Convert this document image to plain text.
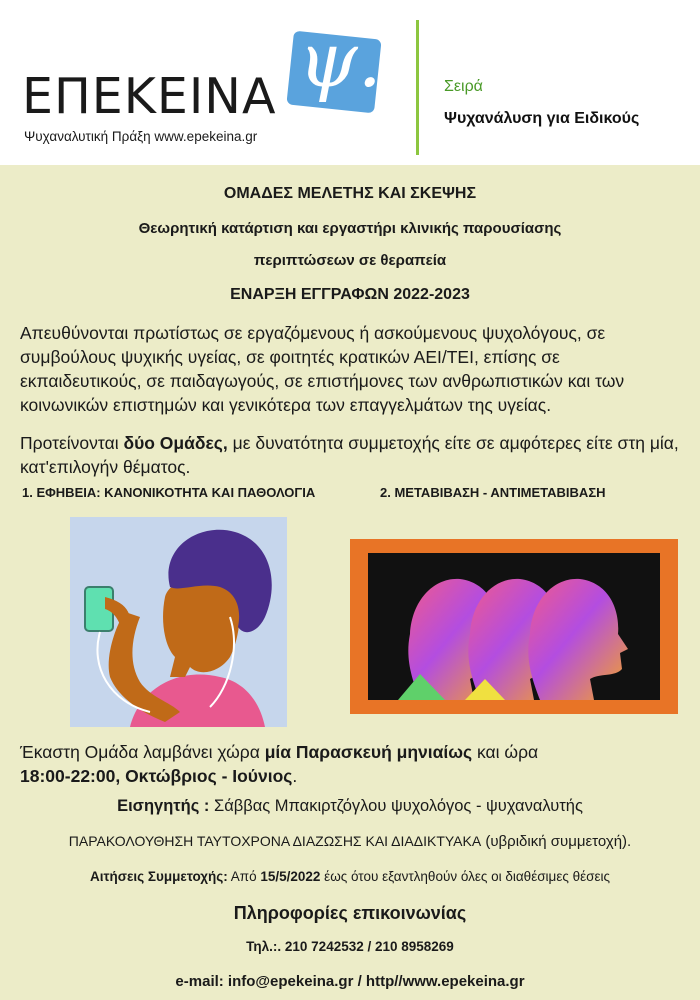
ψ.
ΕΠΕΚΕΙΝΑ
Ψυχαναλυτική Πράξη www.epekeina.gr
Σειρά
Ψυχανάλυση για Ειδικούς
ΟΜΑΔΕΣ ΜΕΛΕΤΗΣ ΚΑΙ ΣΚΕΨΗΣ
Θεωρητική κατάρτιση και εργαστήρι κλινικής παρουσίασης
περιπτώσεων σε θεραπεία
ΕΝΑΡΞΗ ΕΓΓΡΑΦΩΝ 2022-2023
Απευθύνονται πρωτίστως σε εργαζόμενους ή ασκούμενους ψυχολόγους, σε συμβούλους ψυχικής υγείας, σε φοιτητές κρατικών ΑΕΙ/ΤΕΙ, επίσης σε εκπαιδευτικούς, σε παιδαγωγούς, σε επιστήμονες των ανθρωπιστικών και των κοινωνικών επιστημών και γενικότερα των επαγγελμάτων της υγείας.
Προτείνονται δύο Ομάδες, με δυνατότητα συμμετοχής είτε σε αμφότερες είτε στη μία, κατ'επιλογήν θέματος.
1. ΕΦΗΒΕΙΑ: ΚΑΝΟΝΙΚΟΤΗΤΑ ΚΑΙ ΠΑΘΟΛΟΓΙΑ	2. ΜΕΤΑΒΙΒΑΣΗ - ΑΝΤΙΜΕΤΑΒΙΒΑΣΗ
Έκαστη Ομάδα λαμβάνει χώρα μία Παρασκευή μηνιαίως και ώρα
18:00-22:00, Οκτώβριος - Ιούνιος.
Εισηγητής : Σάββας Μπακιρτζόγλου ψυχολόγος - ψυχαναλυτής
ΠΑΡΑΚΟΛΟΥΘΗΣΗ ΤΑΥΤΟΧΡΟΝΑ ΔΙΑΖΩΣΗΣ ΚΑΙ ΔΙΑΔΙΚΤΥΑΚΑ (υβριδική συμμετοχή).
Αιτήσεις Συμμετοχής: Από 15/5/2022 έως ότου εξαντληθούν όλες οι διαθέσιμες θέσεις
Πληροφορίες επικοινωνίας
Τηλ.:. 210 7242532 / 210 8958269
e-mail: info@epekeina.gr / http//www.epekeina.gr
